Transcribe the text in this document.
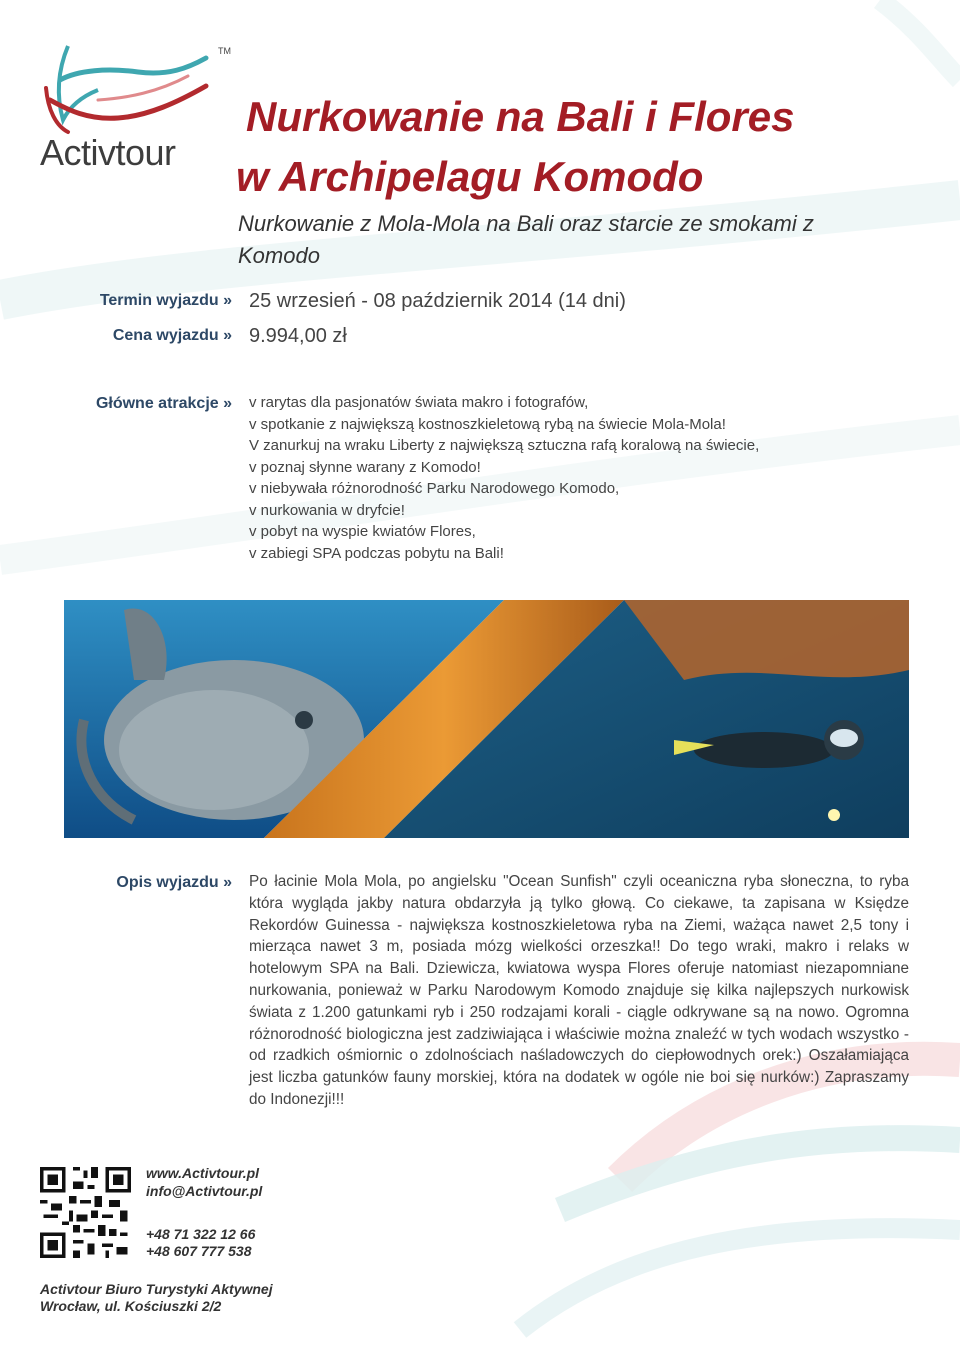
TM
Activtour
Nurkowanie na Bali i Flores
w Archipelagu Komodo
Nurkowanie z Mola-Mola na Bali oraz starcie ze smokami z Komodo
Termin wyjazdu » 25 wrzesień - 08 październik 2014 (14 dni)
Cena wyjazdu » 9.994,00 zł
Główne atrakcje » v rarytas dla pasjonatów świata makro i fotografów,
v spotkanie z największą kostnoszkieletową rybą na świecie Mola-Mola!
V zanurkuj na wraku Liberty z największą sztuczna rafą koralową na świecie,
v poznaj słynne warany z Komodo!
v niebywała różnorodność Parku Narodowego Komodo,
v nurkowania w dryfcie!
v pobyt na wyspie kwiatów Flores,
v zabiegi SPA podczas pobytu na Bali!
Opis wyjazdu » Po łacinie Mola Mola, po angielsku "Ocean Sunfish" czyli oceaniczna ryba słoneczna, to ryba która wygląda jakby natura obdarzyła ją tylko głową. Co ciekawe, ta zapisana w Księdze Rekordów Guinessa - największa kostnoszkieletowa ryba na Ziemi, ważąca nawet 2,5 tony i mierząca nawet 3 m, posiada mózg wielkości orzeszka!! Do tego wraki, makro i relaks w hotelowym SPA na Bali. Dziewicza, kwiatowa wyspa Flores oferuje natomiast niezapomniane nurkowania, ponieważ w Parku Narodowym Komodo znajduje się kilka najlepszych nurkowisk świata z 1.200 gatunkami ryb i 250 rodzajami korali - ciągle odkrywane są na nowo. Ogromna różnorodność biologiczna jest zadziwiająca i właściwie można znaleźć w tych wodach wszystko - od rzadkich ośmiornic o zdolnościach naśladowczych do ciepłowodnych orek:) Oszałamiająca jest liczba gatunków fauny morskiej, która na dodatek w ogóle nie boi się nurków:) Zapraszamy do Indonezji!!!

www.Activtour.pl
info@Activtour.pl
+48 71 322 12 66
+48 607 777 538
Activtour Biuro Turystyki Aktywnej
Wrocław, ul. Kościuszki 2/2
